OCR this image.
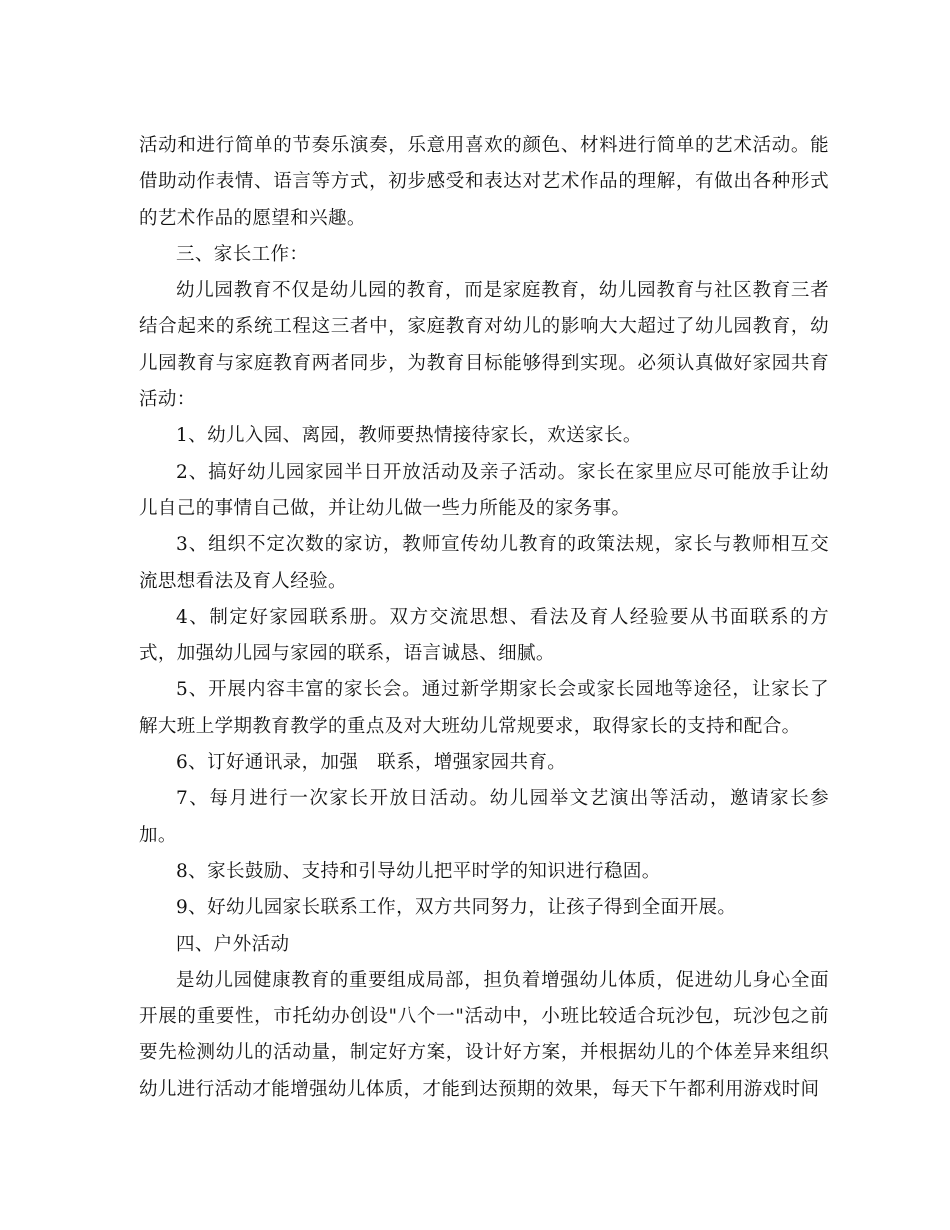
活动和进行简单的节奏乐演奏，乐意用喜欢的颜色、材料进行简单的艺术活动。能借助动作表情、语言等方式，初步感受和表达对艺术作品的理解，有做出各种形式的艺术作品的愿望和兴趣。

三、家长工作：

幼儿园教育不仅是幼儿园的教育，而是家庭教育，幼儿园教育与社区教育三者结合起来的系统工程这三者中，家庭教育对幼儿的影响大大超过了幼儿园教育，幼儿园教育与家庭教育两者同步，为教育目标能够得到实现。必须认真做好家园共育活动：

1、幼儿入园、离园，教师要热情接待家长，欢送家长。

2、搞好幼儿园家园半日开放活动及亲子活动。家长在家里应尽可能放手让幼儿自己的事情自己做，并让幼儿做一些力所能及的家务事。

3、组织不定次数的家访，教师宣传幼儿教育的政策法规，家长与教师相互交流思想看法及育人经验。

4、制定好家园联系册。双方交流思想、看法及育人经验要从书面联系的方式，加强幼儿园与家园的联系，语言诚恳、细腻。

5、开展内容丰富的家长会。通过新学期家长会或家长园地等途径，让家长了解大班上学期教育教学的重点及对大班幼儿常规要求，取得家长的支持和配合。

6、订好通讯录，加强　联系，增强家园共育。

7、每月进行一次家长开放日活动。幼儿园举文艺演出等活动，邀请家长参加。

8、家长鼓励、支持和引导幼儿把平时学的知识进行稳固。

9、好幼儿园家长联系工作，双方共同努力，让孩子得到全面开展。

四、户外活动

是幼儿园健康教育的重要组成局部，担负着增强幼儿体质，促进幼儿身心全面开展的重要性，市托幼办创设"八个一"活动中，小班比较适合玩沙包，玩沙包之前要先检测幼儿的活动量，制定好方案，设计好方案，并根据幼儿的个体差异来组织幼儿进行活动才能增强幼儿体质，才能到达预期的效果，每天下午都利用游戏时间
